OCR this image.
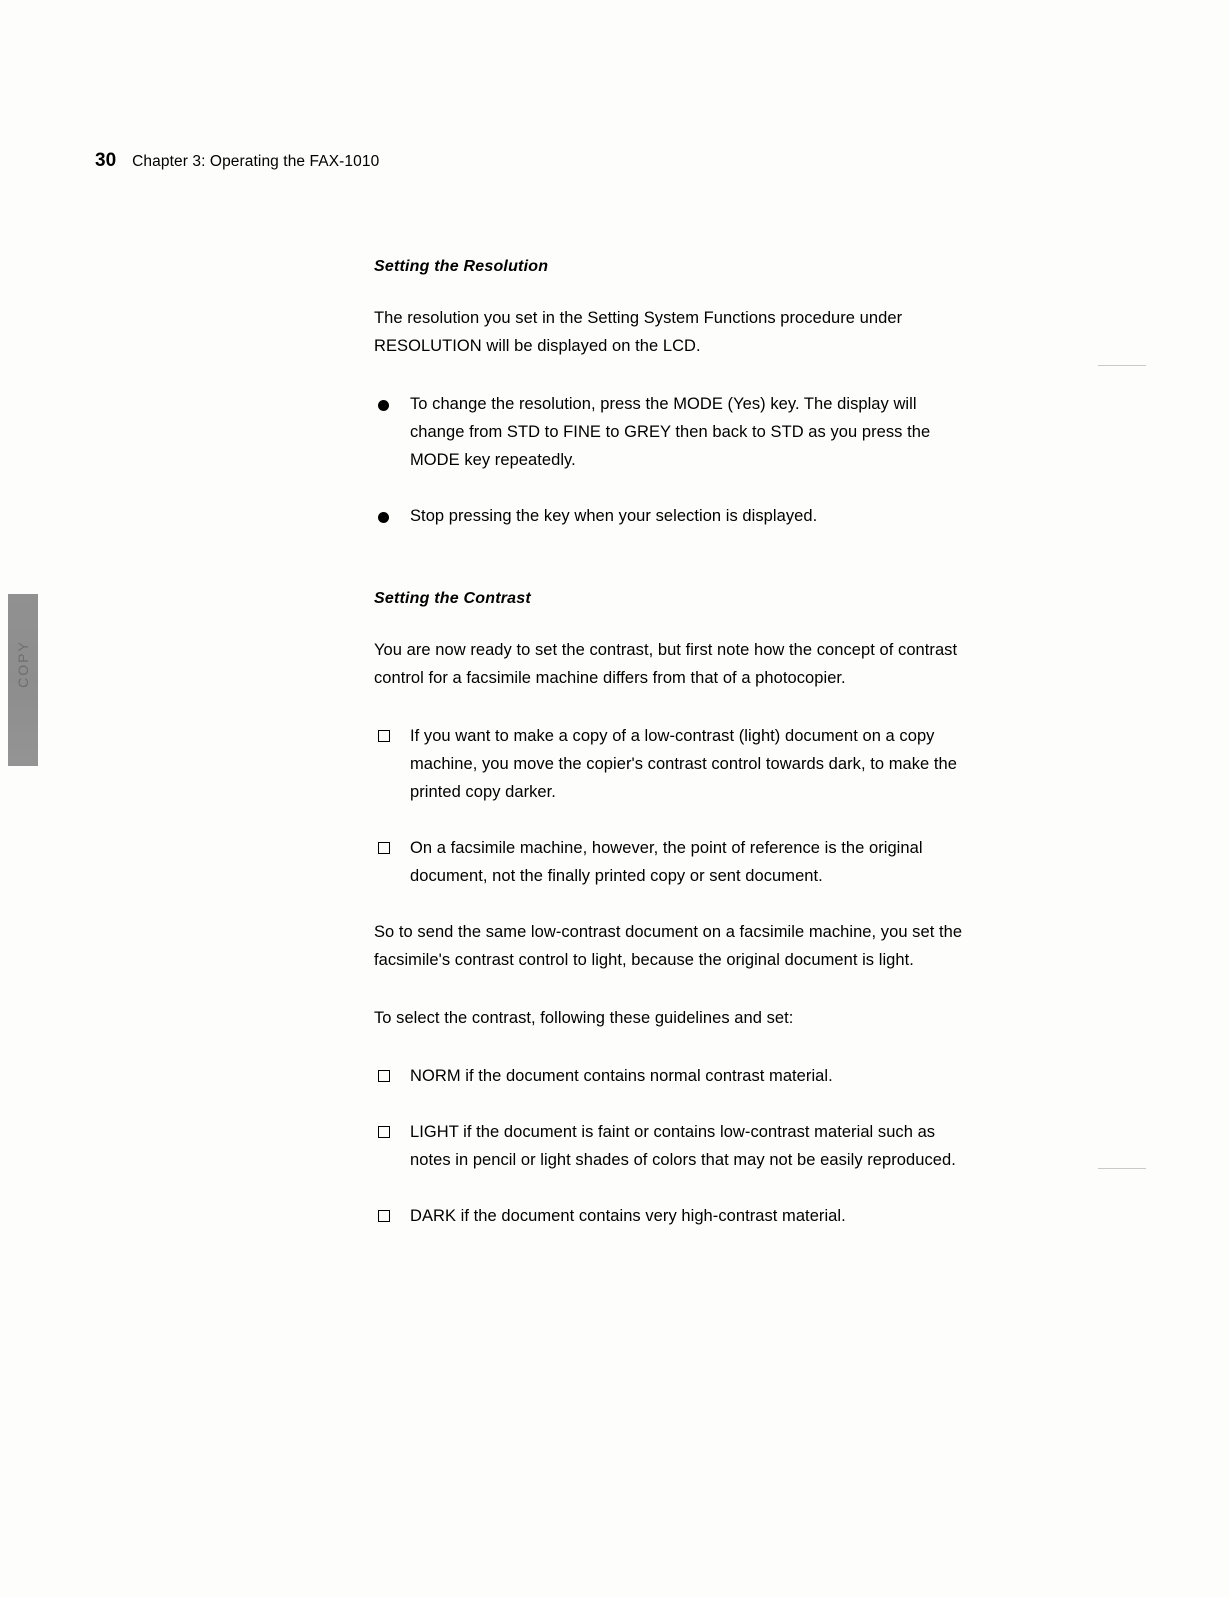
30 Chapter 3: Operating the FAX-1010
COPY
Setting the Resolution

The resolution you set in the Setting System Functions procedure under RESOLUTION will be displayed on the LCD.

To change the resolution, press the MODE (Yes) key. The display will change from STD to FINE to GREY then back to STD as you press the MODE key repeatedly.
Stop pressing the key when your selection is displayed.
Setting the Contrast

You are now ready to set the contrast, but first note how the concept of contrast control for a facsimile machine differs from that of a photocopier.

If you want to make a copy of a low-contrast (light) document on a copy machine, you move the copier's contrast control towards dark, to make the printed copy darker.
On a facsimile machine, however, the point of reference is the original document, not the finally printed copy or sent document.

So to send the same low-contrast document on a facsimile machine, you set the facsimile's contrast control to light, because the original document is light.

To select the contrast, following these guidelines and set:

NORM if the document contains normal contrast material.
LIGHT if the document is faint or contains low-contrast material such as notes in pencil or light shades of colors that may not be easily reproduced.
DARK if the document contains very high-contrast material.
